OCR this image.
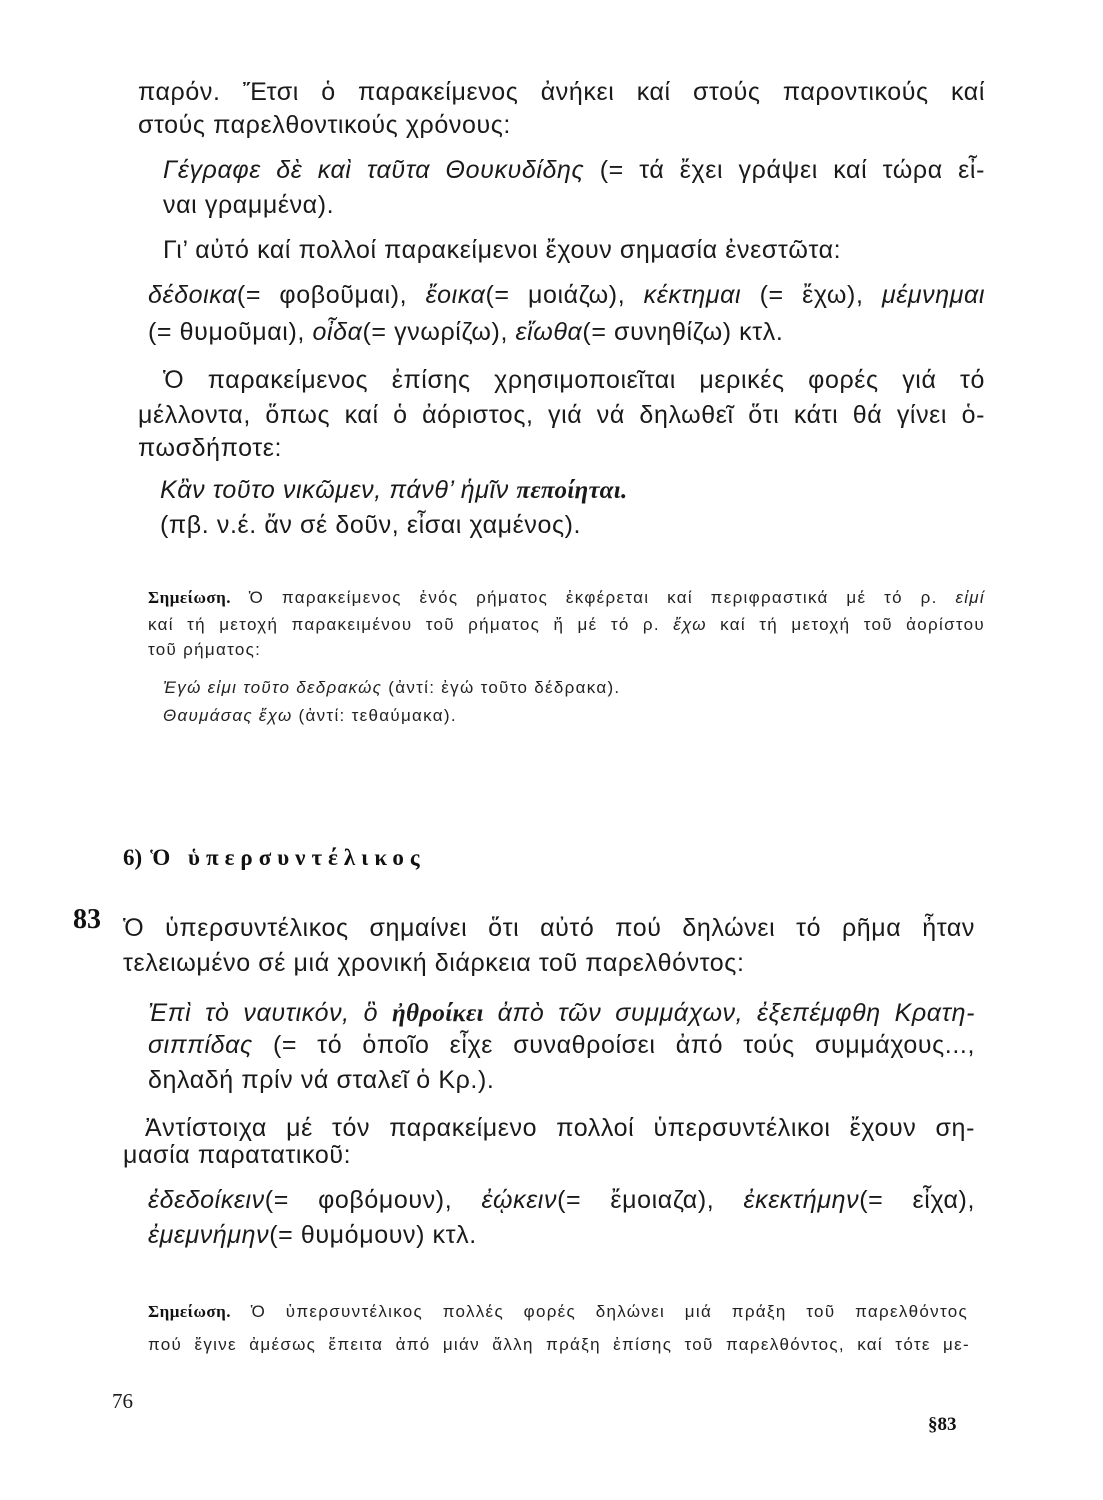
παρόν. Ἔτσι ὁ παρακείμενος ἀνήκει καί στούς παροντικούς καί
στούς παρελθοντικούς χρόνους:
Γέγραφε δὲ καὶ ταῦτα Θουκυδίδης (= τά ἔχει γράψει καί τώρα εἶ-
ναι γραμμένα).
Γι’ αὐτό καί πολλοί παρακείμενοι ἔχουν σημασία ἐνεστῶτα:
δέδοικα(= φοβοῦμαι), ἔοικα(= μοιάζω), κέκτημαι (= ἔχω), μέμνημαι
(= θυμοῦμαι), οἶδα(= γνωρίζω), εἴωθα(= συνηθίζω) κτλ.
Ὁ παρακείμενος ἐπίσης χρησιμοποιεῖται μερικές φορές γιά τό
μέλλοντα, ὅπως καί ὁ ἀόριστος, γιά νά δηλωθεῖ ὅτι κάτι θά γίνει ὁ-
πωσδήποτε:
Κἂν τοῦτο νικῶμεν, πάνθ’ ἡμῖν πεποίηται.
(πβ. ν.έ. ἄν σέ δοῦν, εἶσαι χαμένος).
Σημείωση. Ὁ παρακείμενος ἑνός ρήματος ἐκφέρεται καί περιφραστικά μέ τό ρ. εἰμί
καί τή μετοχή παρακειμένου τοῦ ρήματος ἤ μέ τό ρ. ἔχω καί τή μετοχή τοῦ ἀορίστου
τοῦ ρήματος:
Ἐγώ εἰμι τοῦτο δεδρακώς (ἀντί: ἐγώ τοῦτο δέδρακα).
Θαυμάσας ἔχω (ἀντί: τεθαύμακα).
6) Ὁ ὑπερσυντέλικος
83 Ὁ ὑπερσυντέλικος σημαίνει ὅτι αὐτό πού δηλώνει τό ρῆμα ἦταν
τελειωμένο σέ μιά χρονική διάρκεια τοῦ παρελθόντος:
Ἐπὶ τὸ ναυτικόν, ὃ ἠθροίκει ἀπὸ τῶν συμμάχων, ἐξεπέμφθη Κρατη-
σιππίδας (= τό ὁποῖο εἶχε συναθροίσει ἀπό τούς συμμάχους...,
δηλαδή πρίν νά σταλεῖ ὁ Κρ.).
Ἀντίστοιχα μέ τόν παρακείμενο πολλοί ὑπερσυντέλικοι ἔχουν ση-
μασία παρατατικοῦ:
ἐδεδοίκειν(= φοβόμουν), ἐῴκειν(= ἔμοιαζα), ἐκεκτήμην(= εἶχα),
ἐμεμνήμην(= θυμόμουν) κτλ.
Σημείωση. Ὁ ὑπερσυντέλικος πολλές φορές δηλώνει μιά πράξη τοῦ παρελθόντος
πού ἔγινε ἀμέσως ἔπειτα ἀπό μιάν ἄλλη πράξη ἐπίσης τοῦ παρελθόντος, καί τότε με-
76
§83
